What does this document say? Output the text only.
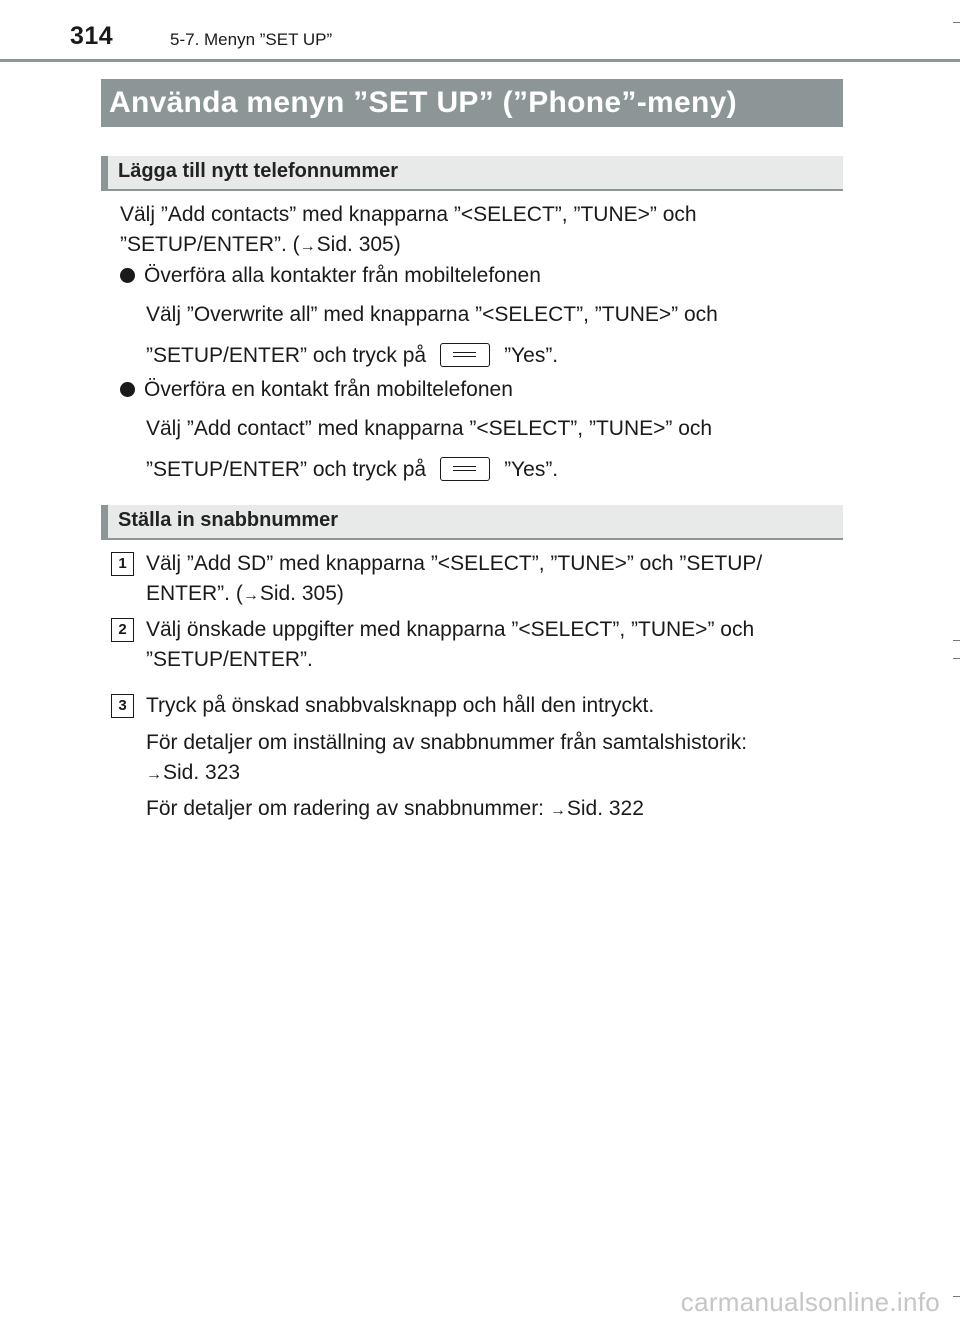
314	5-7. Menyn ”SET UP”
Använda menyn ”SET UP” (”Phone”-meny)
Lägga till nytt telefonnummer
Välj ”Add contacts” med knapparna ”<SELECT”, ”TUNE>” och
”SETUP/ENTER”. (→Sid. 305)
Överföra alla kontakter från mobiltelefonen
Välj ”Overwrite all” med knapparna ”<SELECT”, ”TUNE>” och
”SETUP/ENTER” och tryck på	”Yes”.
Överföra en kontakt från mobiltelefonen
Välj ”Add contact” med knapparna ”<SELECT”, ”TUNE>” och
”SETUP/ENTER” och tryck på	”Yes”.
Ställa in snabbnummer
1 Välj ”Add SD” med knapparna ”<SELECT”, ”TUNE>” och ”SETUP/
ENTER”. (→Sid. 305)
2 Välj önskade uppgifter med knapparna ”<SELECT”, ”TUNE>” och
”SETUP/ENTER”.
3 Tryck på önskad snabbvalsknapp och håll den intryckt.
För detaljer om inställning av snabbnummer från samtalshistorik:
→Sid. 323
För detaljer om radering av snabbnummer: →Sid. 322
carmanualsonline.info
